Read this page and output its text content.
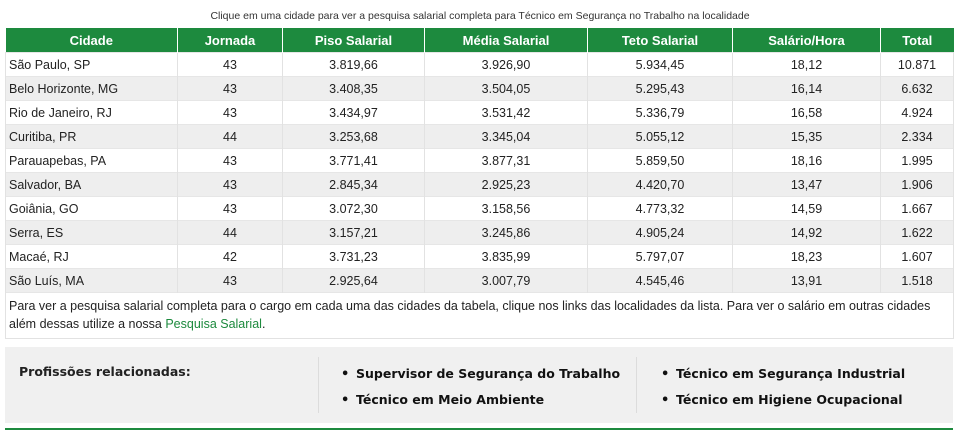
Clique em uma cidade para ver a pesquisa salarial completa para Técnico em Segurança no Trabalho na localidade
Cidade	Jornada	Piso Salarial	Média Salarial	Teto Salarial	Salário/Hora	Total
São Paulo, SP	43	3.819,66	3.926,90	5.934,45	18,12	10.871
Belo Horizonte, MG	43	3.408,35	3.504,05	5.295,43	16,14	6.632
Rio de Janeiro, RJ	43	3.434,97	3.531,42	5.336,79	16,58	4.924
Curitiba, PR	44	3.253,68	3.345,04	5.055,12	15,35	2.334
Parauapebas, PA	43	3.771,41	3.877,31	5.859,50	18,16	1.995
Salvador, BA	43	2.845,34	2.925,23	4.420,70	13,47	1.906
Goiânia, GO	43	3.072,30	3.158,56	4.773,32	14,59	1.667
Serra, ES	44	3.157,21	3.245,86	4.905,24	14,92	1.622
Macaé, RJ	42	3.731,23	3.835,99	5.797,07	18,23	1.607
São Luís, MA	43	2.925,64	3.007,79	4.545,46	13,91	1.518
Para ver a pesquisa salarial completa para o cargo em cada uma das cidades da tabela, clique nos links das localidades da lista. Para ver o salário em outras cidades além dessas utilize a nossa Pesquisa Salarial.						
Profissões relacionadas:	• Supervisor de Segurança do Trabalho
• Técnico em Meio Ambiente
• Técnico em Segurança Industrial
• Técnico em Higiene Ocupacional
